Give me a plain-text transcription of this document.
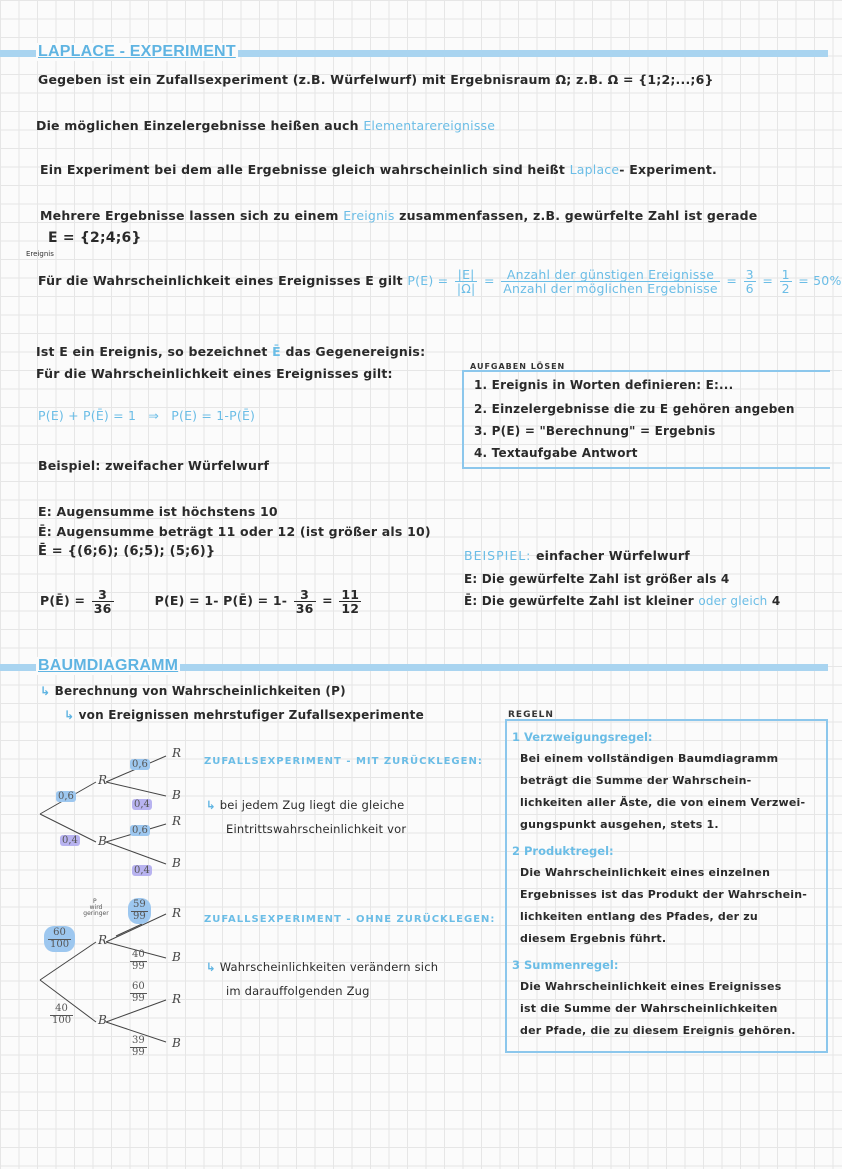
LAPLACE - EXPERIMENT
Gegeben ist ein Zufallsexperiment (z.B. Würfelwurf) mit Ergebnisraum Ω; z.B. Ω = {1;2;...;6}
Die möglichen Einzelergebnisse heißen auch Elementarereignisse
Ein Experiment bei dem alle Ergebnisse gleich wahrscheinlich sind heißt Laplace- Experiment.
Mehrere Ergebnisse lassen sich zu einem Ereignis zusammenfassen, z.B. gewürfelte Zahl ist gerade
E = {2;4;6}
Ereignis
Für die Wahrscheinlichkeit eines Ereignisses E gilt $P(E) = \frac{|E|}{|\Omega|} = \frac{\text{Anzahl der günstigen Ereignisse}}{\text{Anzahl der möglichen Ergebnisse}} = \frac{3}{6} = \frac{1}{2} = 50\%$
Ist E ein Ereignis, so bezeichnet Ē das Gegenereignis:
Für die Wahrscheinlichkeit eines Ereignisses gilt:
P(E) + P(Ē) = 1 ⇒ P(E) = 1-P(Ē)
Beispiel: zweifacher Würfelwurf
E: Augensumme ist höchstens 10
Ē: Augensumme beträgt 11 oder 12 (ist größer als 10)
Ē = {(6;6); (6;5); (5;6)}
P(Ē) = $\frac{3}{36}$	P(E) = 1- P(Ē) = $1- \frac{3}{36} = \frac{11}{12}$
AUFGABEN LÖSEN
1. Ereignis in Worten definieren: E:...
2. Einzelergebnisse die zu E gehören angeben
3. P(E) = "Berechnung" = Ergebnis
4. Textaufgabe Antwort
BEISPIEL: einfacher Würfelwurf
E: Die gewürfelte Zahl ist größer als 4
Ē: Die gewürfelte Zahl ist kleiner oder gleich 4
BAUMDIAGRAMM
↳ Berechnung von Wahrscheinlichkeiten (P)
↳ von Ereignissen mehrstufiger Zufallsexperimente
0,6
0,4
R
B
0,6
0,4
0,6
0,4
R
B
R
B
ZUFALLSEXPERIMENT - MIT ZURÜCKLEGEN:
↳ bei jedem Zug liegt die gleiche
Eintrittswahrscheinlichkeit vor
P
wird geringer
$\frac{60}{100}$
$\frac{40}{100}$
R
B
$\frac{59}{99}$
$\frac{40}{99}$
$\frac{60}{99}$
$\frac{39}{99}$
R
B
R
B
ZUFALLSEXPERIMENT - OHNE ZURÜCKLEGEN:
↳ Wahrscheinlichkeiten verändern sich
im darauffolgenden Zug
REGELN
1 Verzweigungsregel:
Bei einem vollständigen Baumdiagramm
beträgt die Summe der Wahrschein-
lichkeiten aller Äste, die von einem Verzwei-
gungspunkt ausgehen, stets 1.
2 Produktregel:
Die Wahrscheinlichkeit eines einzelnen
Ergebnisses ist das Produkt der Wahrschein-
lichkeiten entlang des Pfades, der zu
diesem Ergebnis führt.
3 Summenregel:
Die Wahrscheinlichkeit eines Ereignisses
ist die Summe der Wahrscheinlichkeiten
der Pfade, die zu diesem Ereignis gehören.
